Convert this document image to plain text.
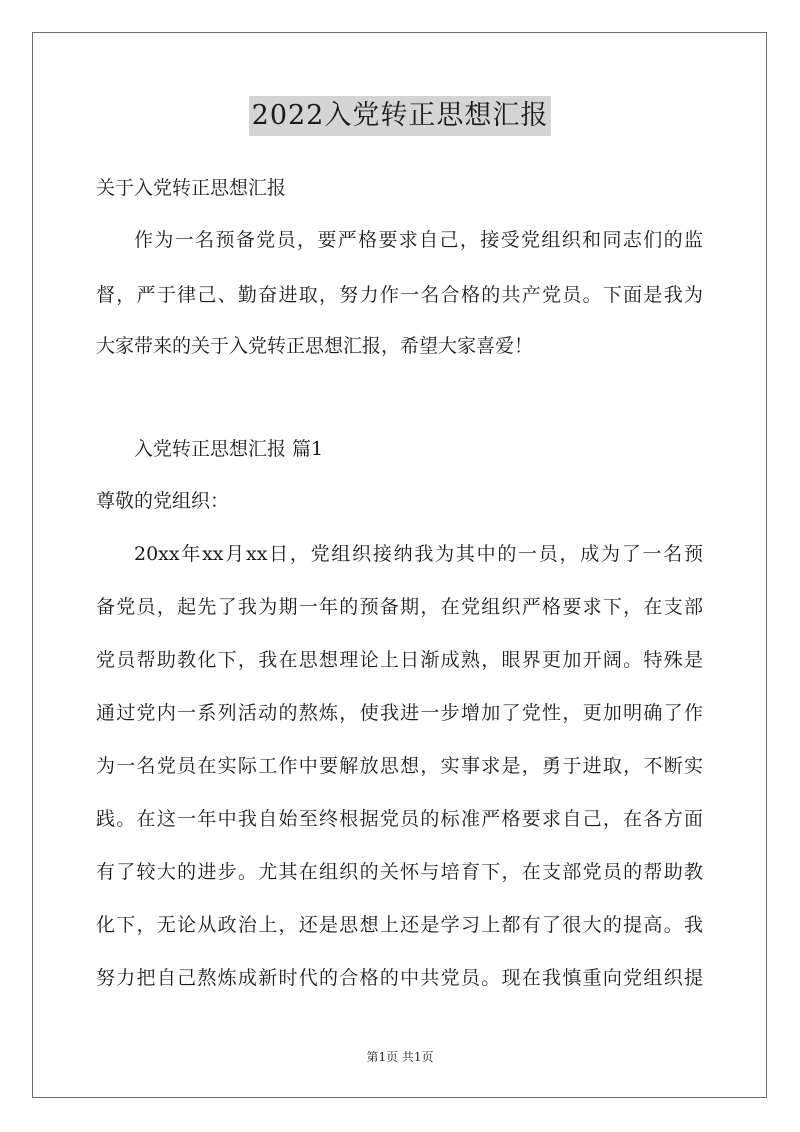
2022入党转正思想汇报
关于入党转正思想汇报
作为一名预备党员，要严格要求自己，接受党组织和同志们的监
督，严于律己、勤奋进取，努力作一名合格的共产党员。下面是我为
大家带来的关于入党转正思想汇报，希望大家喜爱！
入党转正思想汇报 篇1
尊敬的党组织：
20xx年xx月xx日，党组织接纳我为其中的一员，成为了一名预
备党员，起先了我为期一年的预备期，在党组织严格要求下，在支部
党员帮助教化下，我在思想理论上日渐成熟，眼界更加开阔。特殊是
通过党内一系列活动的熬炼，使我进一步增加了党性，更加明确了作
为一名党员在实际工作中要解放思想，实事求是，勇于进取，不断实
践。在这一年中我自始至终根据党员的标准严格要求自己，在各方面
有了较大的进步。尤其在组织的关怀与培育下，在支部党员的帮助教
化下，无论从政治上，还是思想上还是学习上都有了很大的提高。我
努力把自己熬炼成新时代的合格的中共党员。现在我慎重向党组织提
第1页 共1页
